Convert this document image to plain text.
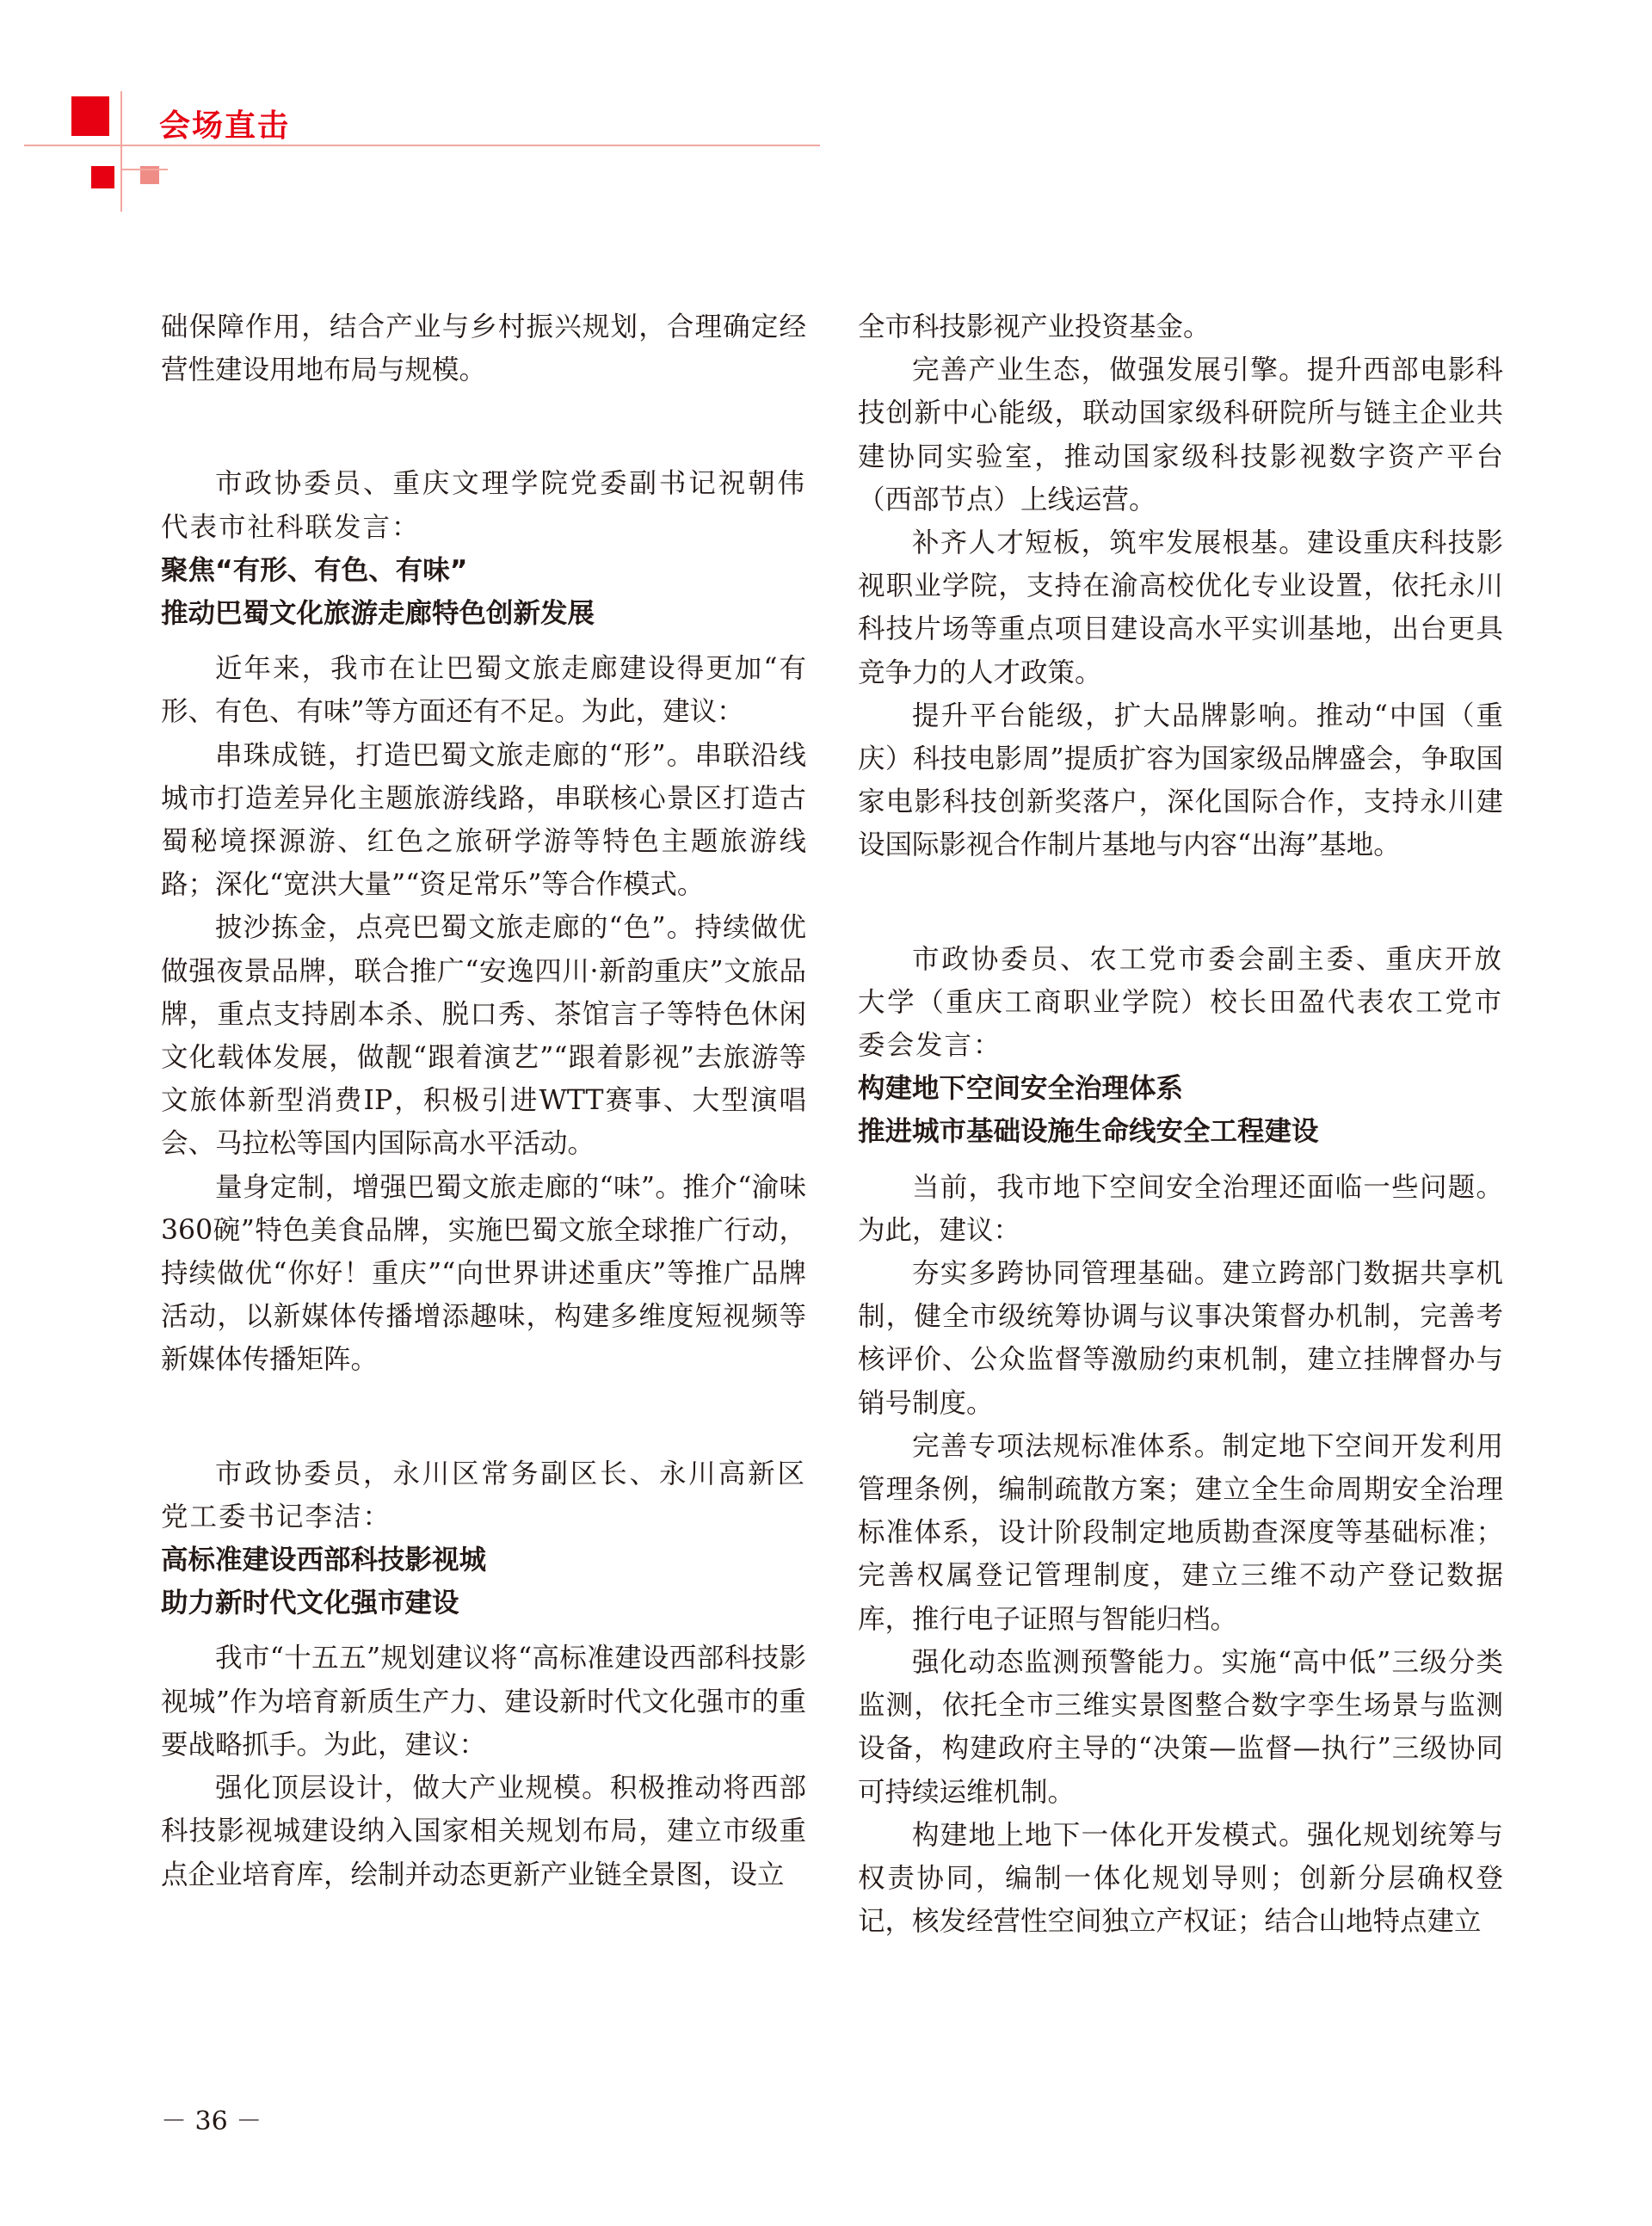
会场直击

础保障作用，结合产业与乡村振兴规划，合理确定经营性建设用地布局与规模。

市政协委员、重庆文理学院党委副书记祝朝伟代表市社科联发言：

聚焦“有形、有色、有味”

推动巴蜀文化旅游走廊特色创新发展

近年来，我市在让巴蜀文旅走廊建设得更加“有形、有色、有味”等方面还有不足。为此，建议：

串珠成链，打造巴蜀文旅走廊的“形”。串联沿线城市打造差异化主题旅游线路，串联核心景区打造古蜀秘境探源游、红色之旅研学游等特色主题旅游线路；深化“宽洪大量”“资足常乐”等合作模式。

披沙拣金，点亮巴蜀文旅走廊的“色”。持续做优做强夜景品牌，联合推广“安逸四川·新韵重庆”文旅品牌，重点支持剧本杀、脱口秀、茶馆言子等特色休闲文化载体发展，做靓“跟着演艺”“跟着影视”去旅游等文旅体新型消费IP，积极引进WTT赛事、大型演唱会、马拉松等国内国际高水平活动。

量身定制，增强巴蜀文旅走廊的“味”。推介“渝味360碗”特色美食品牌，实施巴蜀文旅全球推广行动，持续做优“你好！重庆”“向世界讲述重庆”等推广品牌活动，以新媒体传播增添趣味，构建多维度短视频等新媒体传播矩阵。

市政协委员，永川区常务副区长、永川高新区党工委书记李洁：

高标准建设西部科技影视城

助力新时代文化强市建设

我市“十五五”规划建议将“高标准建设西部科技影视城”作为培育新质生产力、建设新时代文化强市的重要战略抓手。为此，建议：

强化顶层设计，做大产业规模。积极推动将西部科技影视城建设纳入国家相关规划布局，建立市级重点企业培育库，绘制并动态更新产业链全景图，设立

全市科技影视产业投资基金。

完善产业生态，做强发展引擎。提升西部电影科技创新中心能级，联动国家级科研院所与链主企业共建协同实验室，推动国家级科技影视数字资产平台（西部节点）上线运营。

补齐人才短板，筑牢发展根基。建设重庆科技影视职业学院，支持在渝高校优化专业设置，依托永川科技片场等重点项目建设高水平实训基地，出台更具竞争力的人才政策。

提升平台能级，扩大品牌影响。推动“中国（重庆）科技电影周”提质扩容为国家级品牌盛会，争取国家电影科技创新奖落户，深化国际合作，支持永川建设国际影视合作制片基地与内容“出海”基地。

市政协委员、农工党市委会副主委、重庆开放大学（重庆工商职业学院）校长田盈代表农工党市委会发言：

构建地下空间安全治理体系

推进城市基础设施生命线安全工程建设

当前，我市地下空间安全治理还面临一些问题。为此，建议：

夯实多跨协同管理基础。建立跨部门数据共享机制，健全市级统筹协调与议事决策督办机制，完善考核评价、公众监督等激励约束机制，建立挂牌督办与销号制度。

完善专项法规标准体系。制定地下空间开发利用管理条例，编制疏散方案；建立全生命周期安全治理标准体系，设计阶段制定地质勘查深度等基础标准；完善权属登记管理制度，建立三维不动产登记数据库，推行电子证照与智能归档。

强化动态监测预警能力。实施“高中低”三级分类监测，依托全市三维实景图整合数字孪生场景与监测设备，构建政府主导的“决策—监督—执行”三级协同可持续运维机制。

构建地上地下一体化开发模式。强化规划统筹与权责协同，编制一体化规划导则；创新分层确权登记，核发经营性空间独立产权证；结合山地特点建立

－ 36 －
